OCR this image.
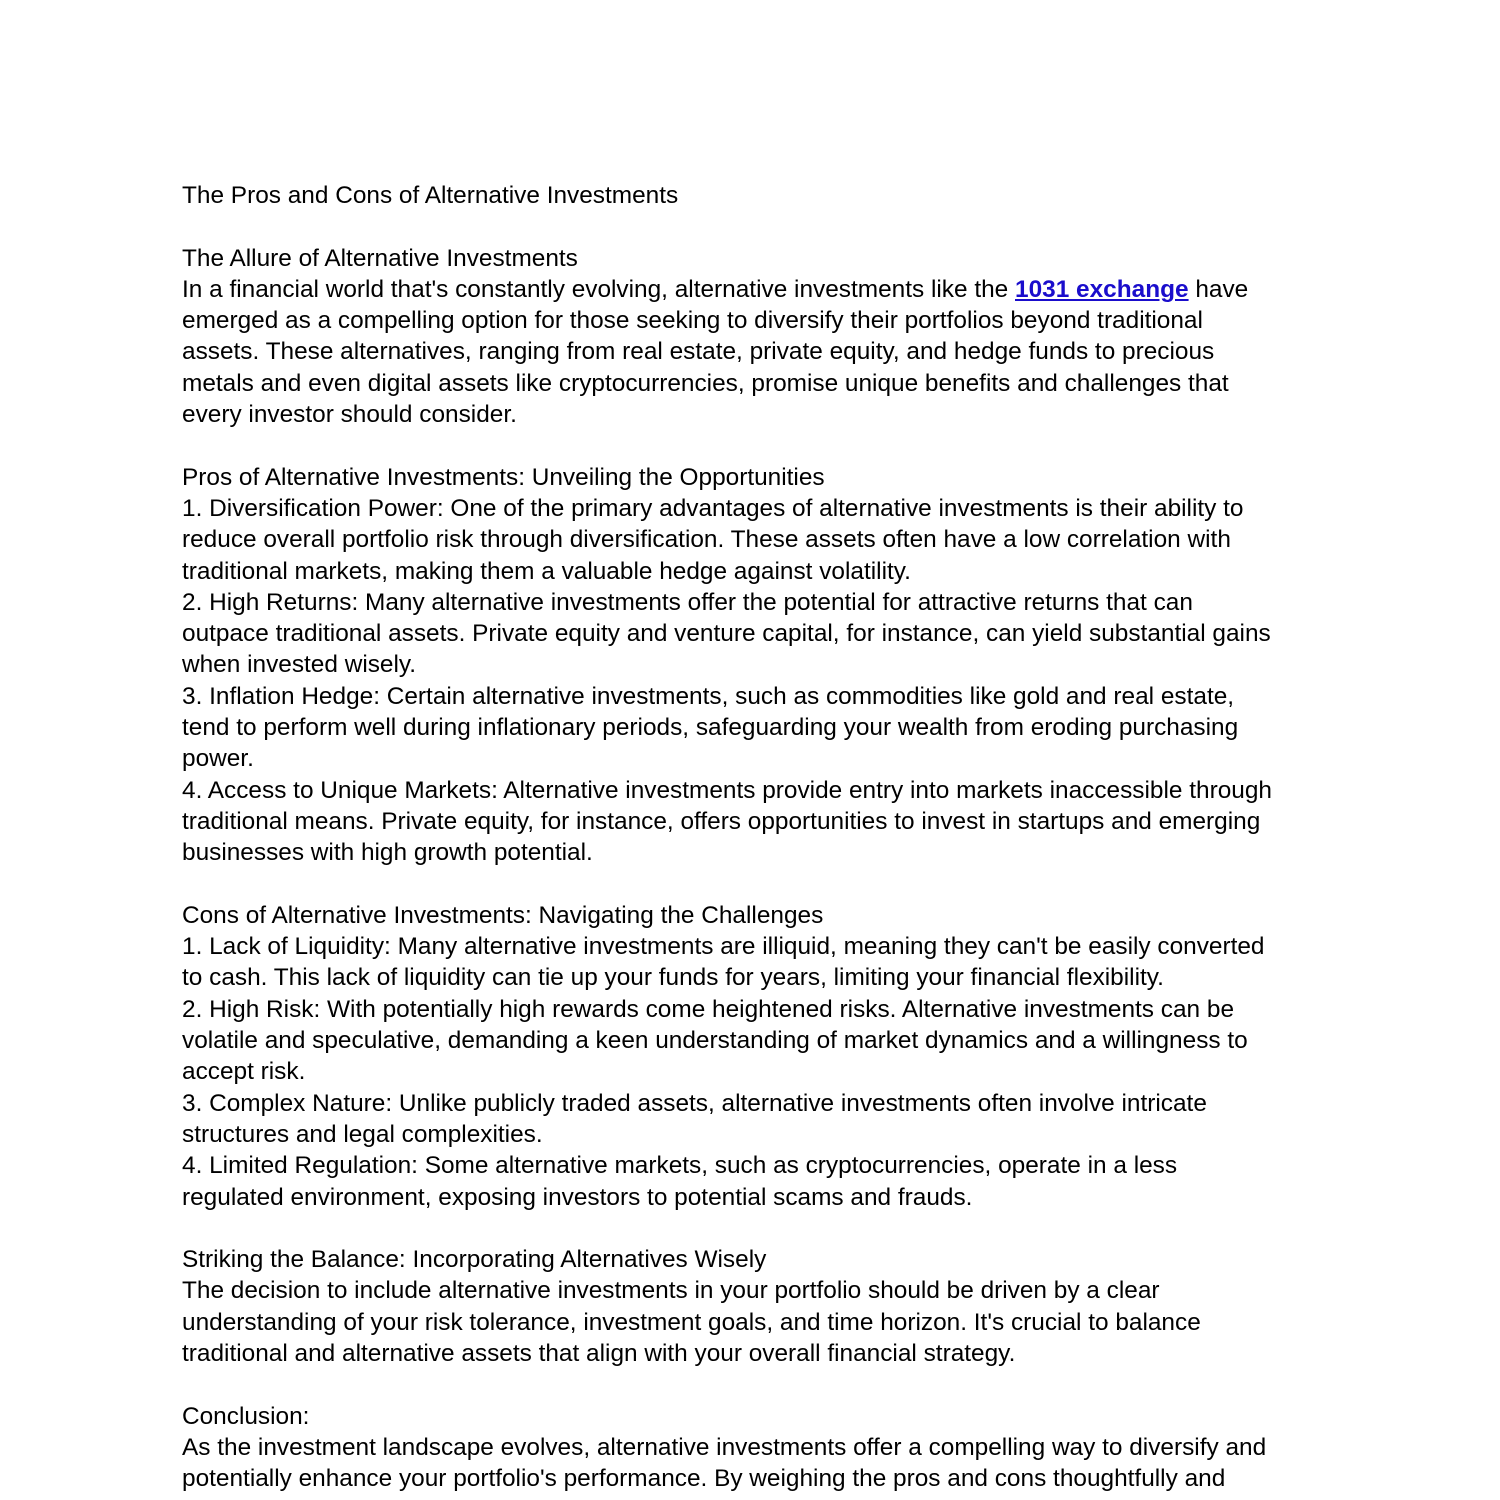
The Pros and Cons of Alternative Investments

The Allure of Alternative Investments

In a financial world that's constantly evolving, alternative investments like the 1031 exchange have

emerged as a compelling option for those seeking to diversify their portfolios beyond traditional

assets. These alternatives, ranging from real estate, private equity, and hedge funds to precious

metals and even digital assets like cryptocurrencies, promise unique benefits and challenges that

every investor should consider.

Pros of Alternative Investments: Unveiling the Opportunities

1. Diversification Power: One of the primary advantages of alternative investments is their ability to

reduce overall portfolio risk through diversification. These assets often have a low correlation with

traditional markets, making them a valuable hedge against volatility.

2. High Returns: Many alternative investments offer the potential for attractive returns that can

outpace traditional assets. Private equity and venture capital, for instance, can yield substantial gains

when invested wisely.

3. Inflation Hedge: Certain alternative investments, such as commodities like gold and real estate,

tend to perform well during inflationary periods, safeguarding your wealth from eroding purchasing

power.

4. Access to Unique Markets: Alternative investments provide entry into markets inaccessible through

traditional means. Private equity, for instance, offers opportunities to invest in startups and emerging

businesses with high growth potential.

Cons of Alternative Investments: Navigating the Challenges

1. Lack of Liquidity: Many alternative investments are illiquid, meaning they can't be easily converted

to cash. This lack of liquidity can tie up your funds for years, limiting your financial flexibility.

2. High Risk: With potentially high rewards come heightened risks. Alternative investments can be

volatile and speculative, demanding a keen understanding of market dynamics and a willingness to

accept risk.

3. Complex Nature: Unlike publicly traded assets, alternative investments often involve intricate

structures and legal complexities.

4. Limited Regulation: Some alternative markets, such as cryptocurrencies, operate in a less

regulated environment, exposing investors to potential scams and frauds.

Striking the Balance: Incorporating Alternatives Wisely

The decision to include alternative investments in your portfolio should be driven by a clear

understanding of your risk tolerance, investment goals, and time horizon. It's crucial to balance

traditional and alternative assets that align with your overall financial strategy.

Conclusion:

As the investment landscape evolves, alternative investments offer a compelling way to diversify and

potentially enhance your portfolio's performance. By weighing the pros and cons thoughtfully and
